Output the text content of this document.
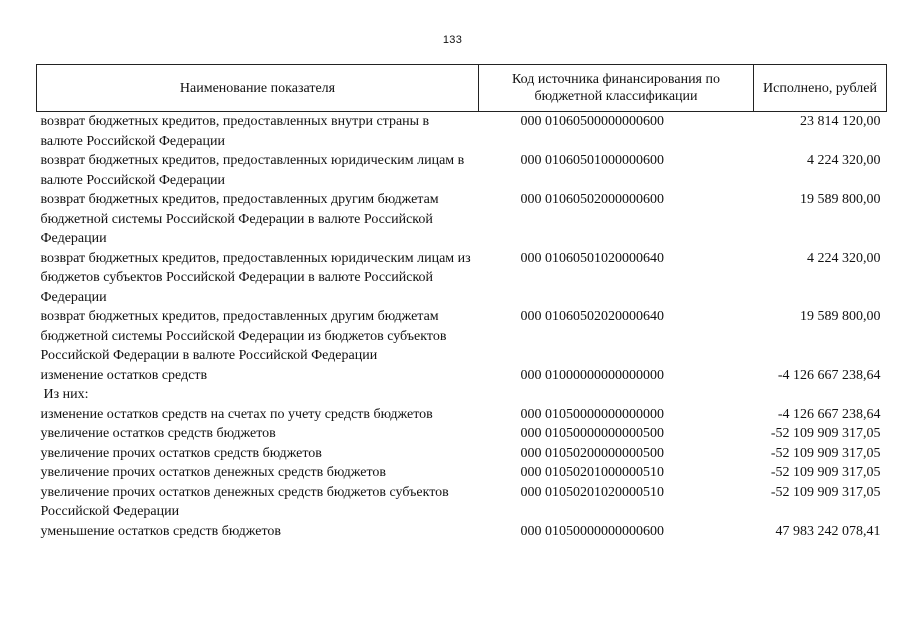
133
Наименование показателя	Код источника финансирования по бюджетной классификации	Исполнено, рублей
возврат бюджетных кредитов, предоставленных внутри страны в валюте Российской Федерации	000 01060500000000600	23 814 120,00
возврат бюджетных кредитов, предоставленных юридическим лицам в валюте Российской Федерации	000 01060501000000600	4 224 320,00
возврат бюджетных кредитов, предоставленных другим бюджетам бюджетной системы Российской Федерации в валюте Российской Федерации	000 01060502000000600	19 589 800,00
возврат бюджетных кредитов, предоставленных юридическим лицам из бюджетов субъектов Российской Федерации в валюте Российской Федерации	000 01060501020000640	4 224 320,00
возврат бюджетных кредитов, предоставленных другим бюджетам бюджетной системы Российской Федерации из бюджетов субъектов Российской Федерации в валюте Российской Федерации	000 01060502020000640	19 589 800,00
изменение остатков средств	000 01000000000000000	-4 126 667 238,64
Из них:		
изменение остатков средств на счетах по учету средств бюджетов	000 01050000000000000	-4 126 667 238,64
увеличение остатков средств бюджетов	000 01050000000000500	-52 109 909 317,05
увеличение прочих остатков средств бюджетов	000 01050200000000500	-52 109 909 317,05
увеличение прочих остатков денежных средств бюджетов	000 01050201000000510	-52 109 909 317,05
увеличение прочих остатков денежных средств бюджетов субъектов Российской Федерации	000 01050201020000510	-52 109 909 317,05
уменьшение остатков средств бюджетов	000 01050000000000600	47 983 242 078,41
